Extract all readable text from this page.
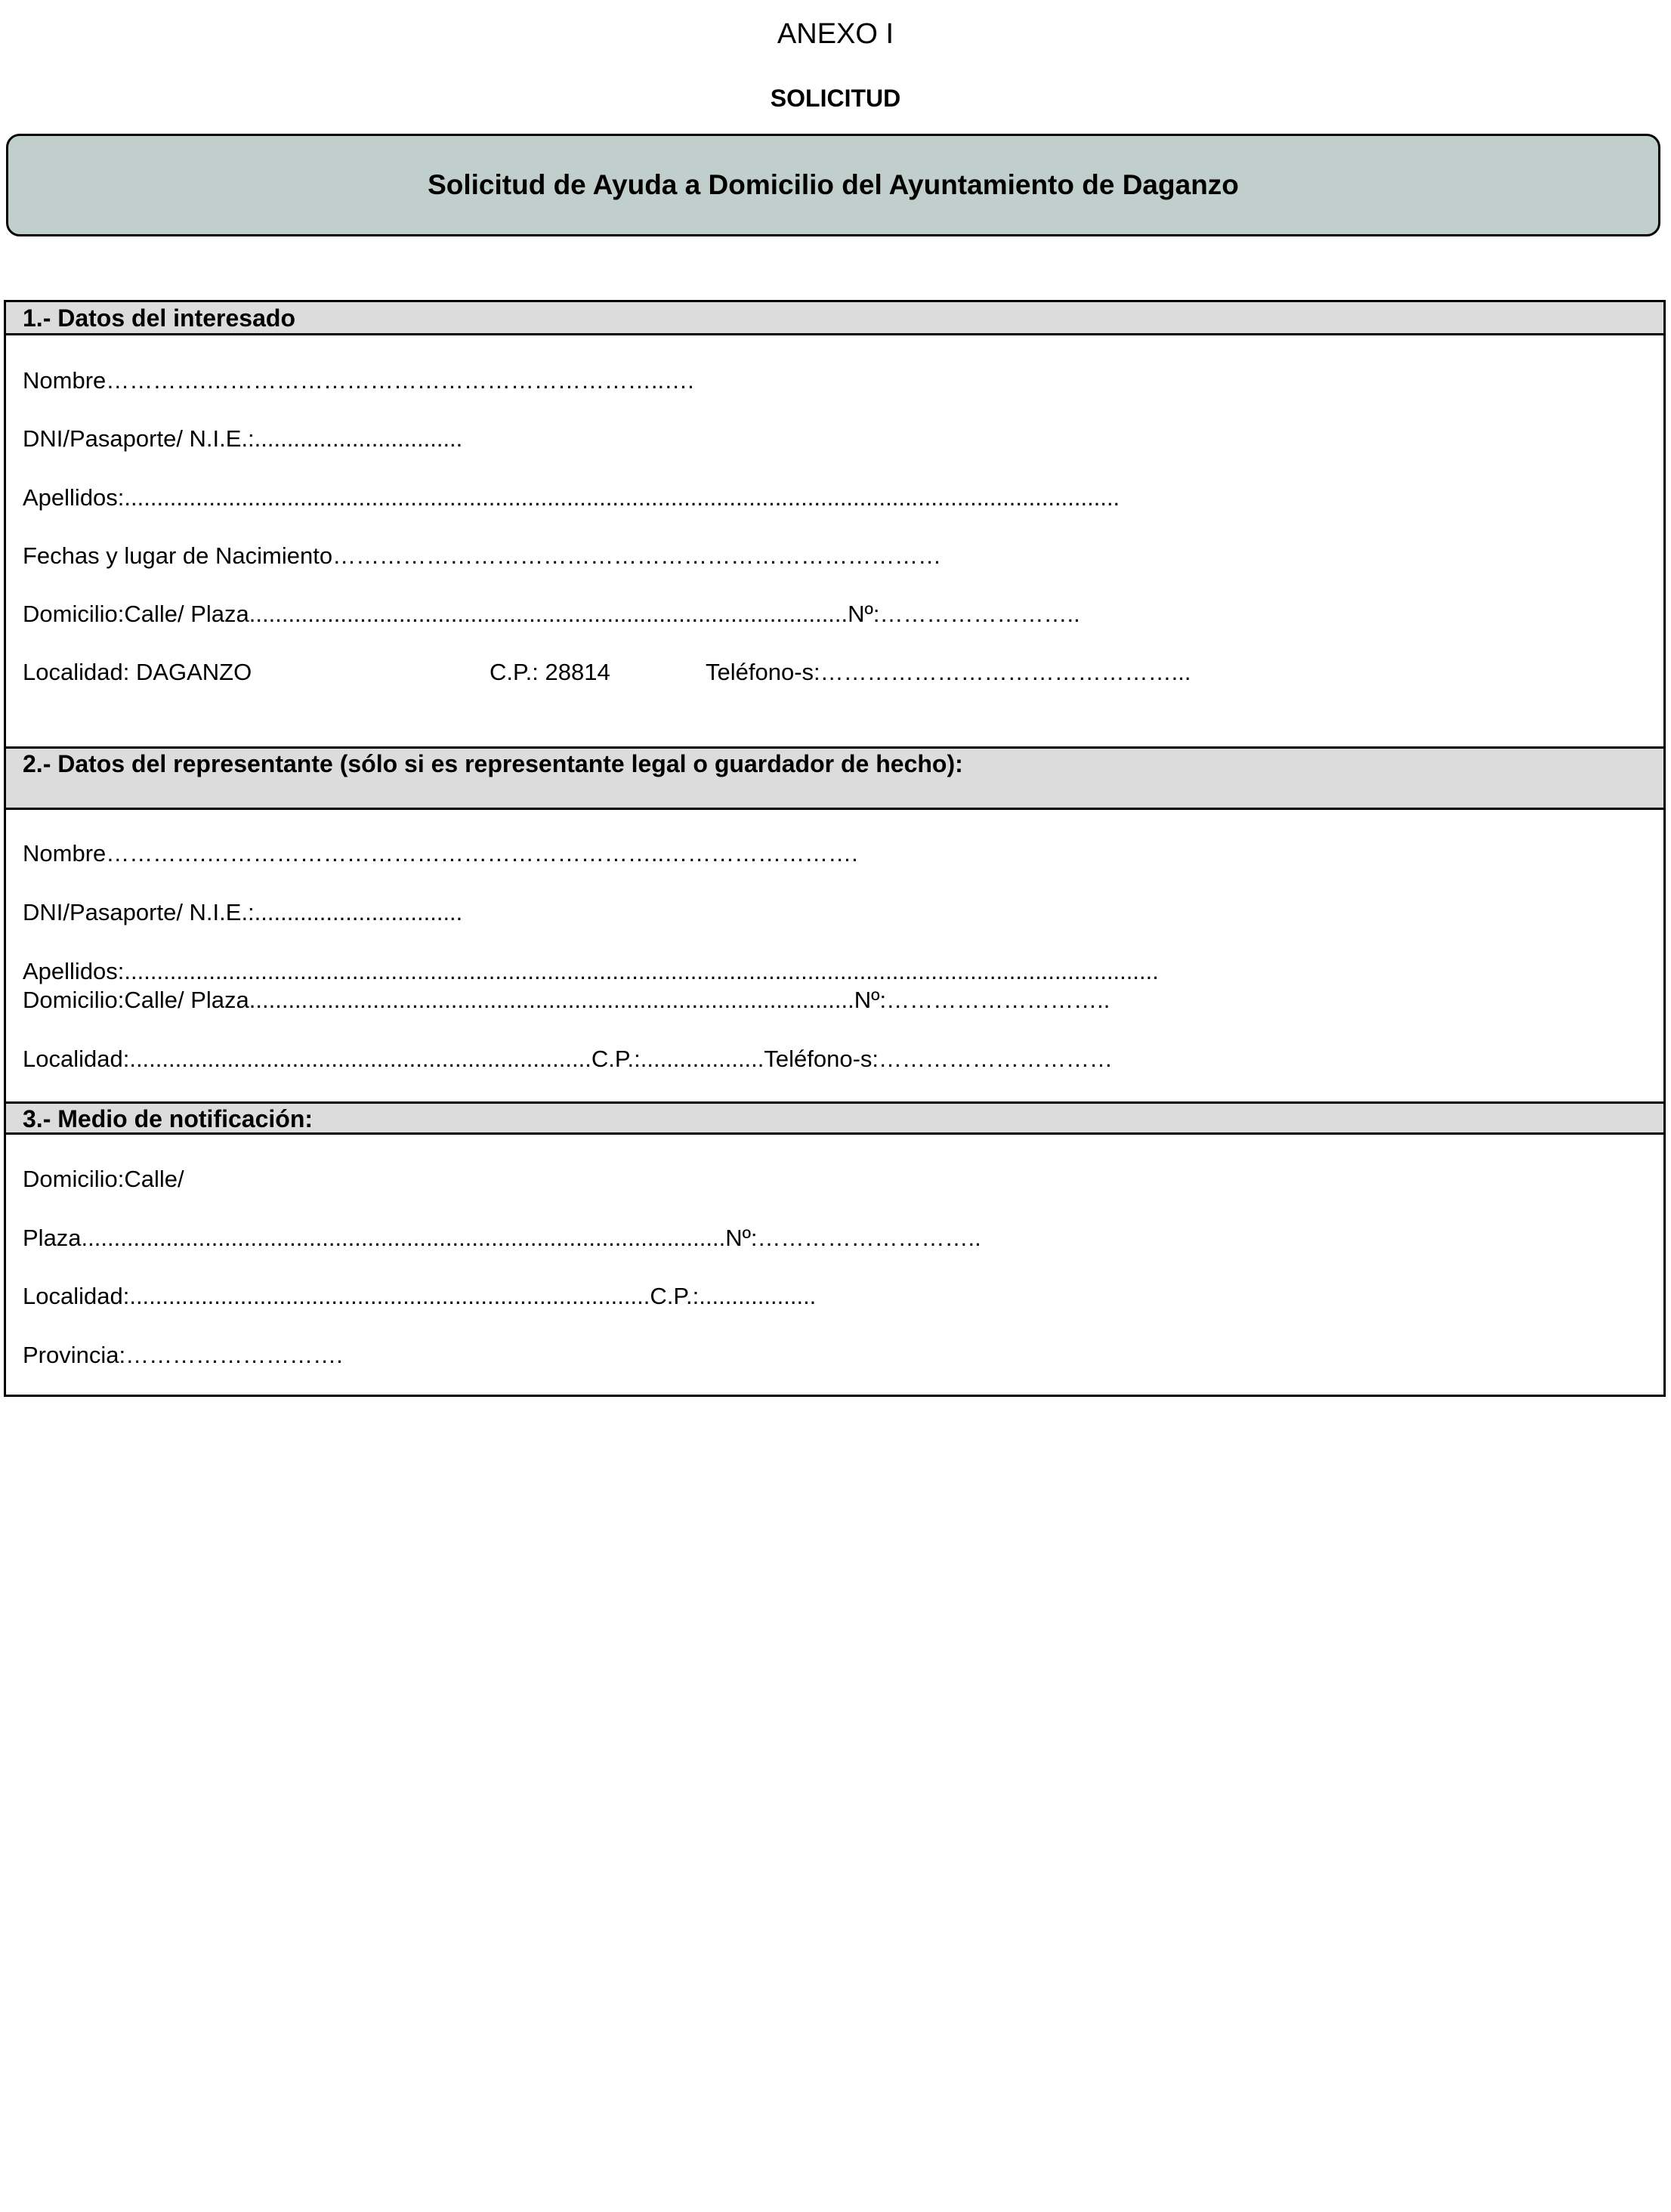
ANEXO I
SOLICITUD
Solicitud de Ayuda a Domicilio del Ayuntamiento de Daganzo
1.- Datos del interesado
Nombre………….…………………………………………………..….
DNI/Pasaporte/ N.I.E.:................................
Apellidos:.........................................................................................................................................................
Fechas y lugar de Nacimiento……………………………………………………………………
Domicilio:Calle/ Plaza............................................................................................Nº:……………………..
Localidad: DAGANZO	C.P.: 28814	Teléfono-s:………………………………………...
2.- Datos del representante (sólo si es representante legal o guardador de hecho):
Nombre………….…………………………………………………..…………………….
DNI/Pasaporte/ N.I.E.:................................
Apellidos:...............................................................................................................................................................
Domicilio:Calle/ Plaza.............................................................................................Nº:………………………..
Localidad:.......................................................................C.P.:...................Teléfono-s:…………………………
3.- Medio de notificación:
Domicilio:Calle/
Plaza...................................................................................................Nº:………………………..
Localidad:................................................................................C.P.:..................
Provincia:……………………….
